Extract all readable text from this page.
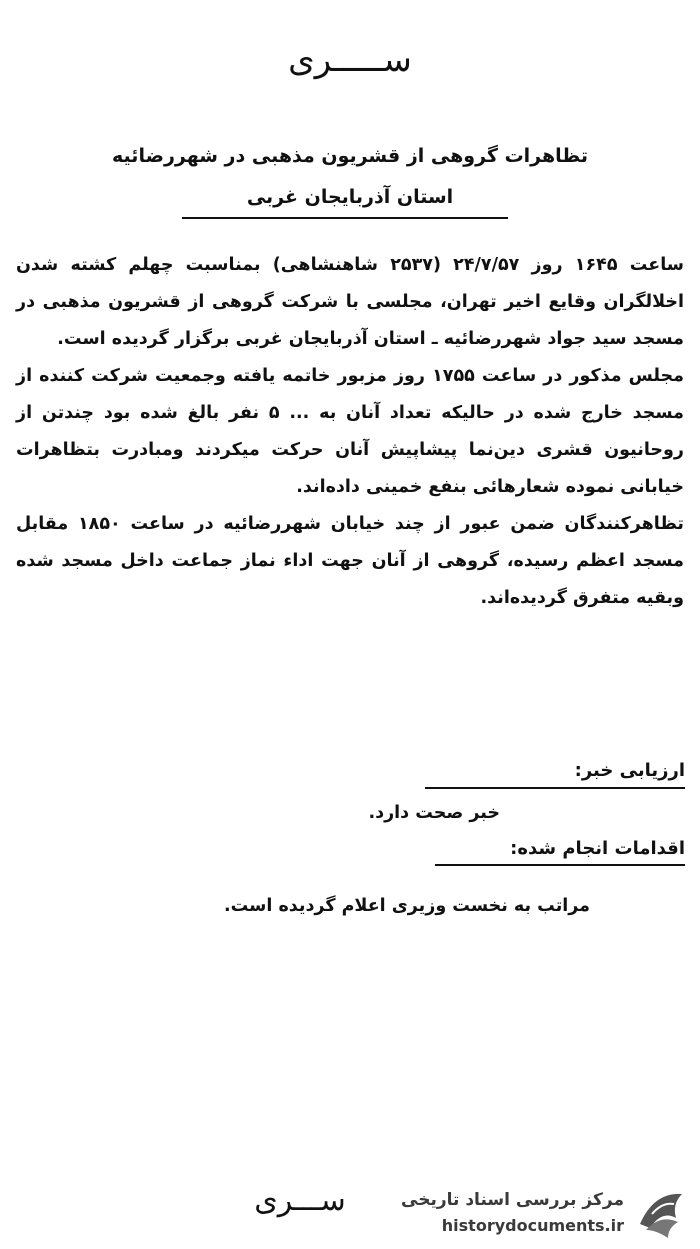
ســـــرى
تظاهرات گروهی از قشریون مذهبی در شهررضائیه
استان آذربایجان غربی

ساعت ۱۶۴۵ روز ۲۴/۷/۵۷ (۲۵۳۷ شاهنشاهی) بمناسبت چهلم کشته شدن اخلالگران وقایع اخیر تهران، مجلسی با شرکت گروهی از قشریون مذهبی در مسجد سید جواد شهررضائیه ـ استان آذربایجان غربی برگزار گردیده است.

مجلس مذکور در ساعت ۱۷۵۵ روز مزبور خاتمه یافته وجمعیت شرکت کننده از مسجد خارج شده در حالیکه تعداد آنان به ... ۵ نفر بالغ شده بود چندتن از روحانیون قشری دین‌نما پیشاپیش آنان حرکت میکردند ومبادرت بتظاهرات خیابانی نموده شعارهائی بنفع خمینی داده‌اند.

تظاهرکنندگان ضمن عبور از چند خیابان شهررضائیه در ساعت ۱۸۵۰ مقابل مسجد اعظم رسیده، گروهی از آنان جهت اداء نماز جماعت داخل مسجد شده وبقیه متفرق گردیده‌اند.

ارزیابی خبر:
خبر صحت دارد.
اقدامات انجام شده:
مراتب به نخست وزیری اعلام گردیده است.
ســـرى	مرکز بررسی اسناد تاریخی
historydocuments.ir
